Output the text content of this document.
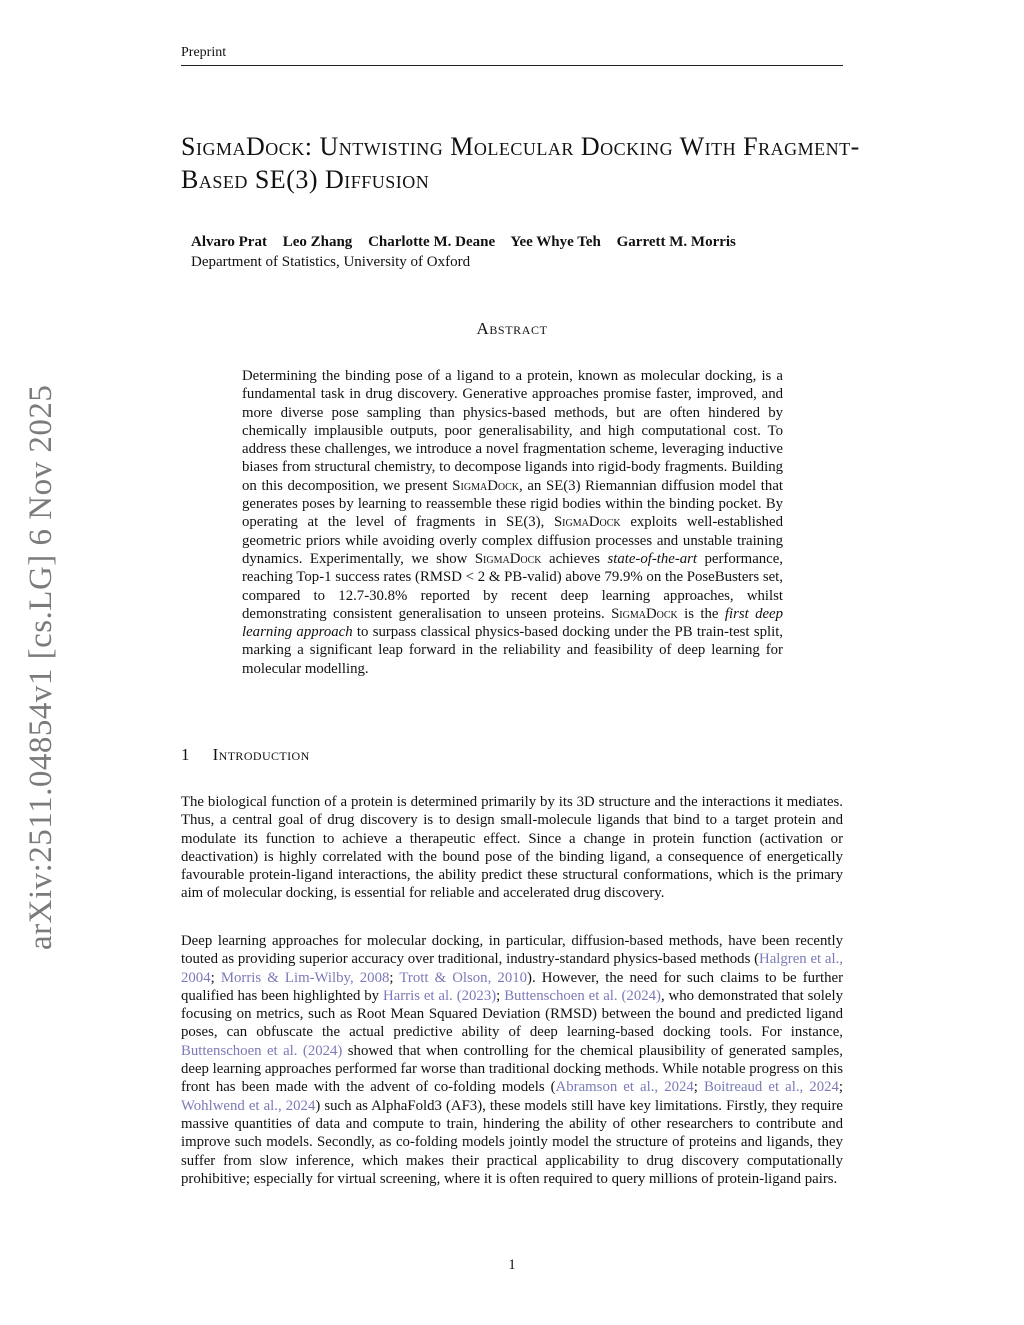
Preprint
SigmaDock: Untwisting Molecular Docking With Fragment-Based SE(3) Diffusion
Alvaro Prat Leo Zhang Charlotte M. Deane Yee Whye Teh Garrett M. Morris
Department of Statistics, University of Oxford
Abstract

Determining the binding pose of a ligand to a protein, known as molecular docking, is a fundamental task in drug discovery. Generative approaches promise faster, improved, and more diverse pose sampling than physics-based methods, but are often hindered by chemically implausible outputs, poor generalisability, and high computational cost. To address these challenges, we introduce a novel fragmentation scheme, leveraging inductive biases from structural chemistry, to decompose ligands into rigid-body fragments. Building on this decomposition, we present SigmaDock, an SE(3) Riemannian diffusion model that generates poses by learning to reassemble these rigid bodies within the binding pocket. By operating at the level of fragments in SE(3), SigmaDock exploits well-established geometric priors while avoiding overly complex diffusion processes and unstable training dynamics. Experimentally, we show SigmaDock achieves state-of-the-art performance, reaching Top-1 success rates (RMSD < 2 & PB-valid) above 79.9% on the PoseBusters set, compared to 12.7-30.8% reported by recent deep learning approaches, whilst demonstrating consistent generalisation to unseen proteins. SigmaDock is the first deep learning approach to surpass classical physics-based docking under the PB train-test split, marking a significant leap forward in the reliability and feasibility of deep learning for molecular modelling.

1 Introduction

The biological function of a protein is determined primarily by its 3D structure and the interactions it mediates. Thus, a central goal of drug discovery is to design small-molecule ligands that bind to a target protein and modulate its function to achieve a therapeutic effect. Since a change in protein function (activation or deactivation) is highly correlated with the bound pose of the binding ligand, a consequence of energetically favourable protein-ligand interactions, the ability predict these structural conformations, which is the primary aim of molecular docking, is essential for reliable and accelerated drug discovery.

Deep learning approaches for molecular docking, in particular, diffusion-based methods, have been recently touted as providing superior accuracy over traditional, industry-standard physics-based methods (Halgren et al., 2004; Morris & Lim-Wilby, 2008; Trott & Olson, 2010). However, the need for such claims to be further qualified has been highlighted by Harris et al. (2023); Buttenschoen et al. (2024), who demonstrated that solely focusing on metrics, such as Root Mean Squared Deviation (RMSD) between the bound and predicted ligand poses, can obfuscate the actual predictive ability of deep learning-based docking tools. For instance, Buttenschoen et al. (2024) showed that when controlling for the chemical plausibility of generated samples, deep learning approaches performed far worse than traditional docking methods. While notable progress on this front has been made with the advent of co-folding models (Abramson et al., 2024; Boitreaud et al., 2024; Wohlwend et al., 2024) such as AlphaFold3 (AF3), these models still have key limitations. Firstly, they require massive quantities of data and compute to train, hindering the ability of other researchers to contribute and improve such models. Secondly, as co-folding models jointly model the structure of proteins and ligands, they suffer from slow inference, which makes their practical applicability to drug discovery computationally prohibitive; especially for virtual screening, where it is often required to query millions of protein-ligand pairs.

1
arXiv:2511.04854v1 [cs.LG] 6 Nov 2025
